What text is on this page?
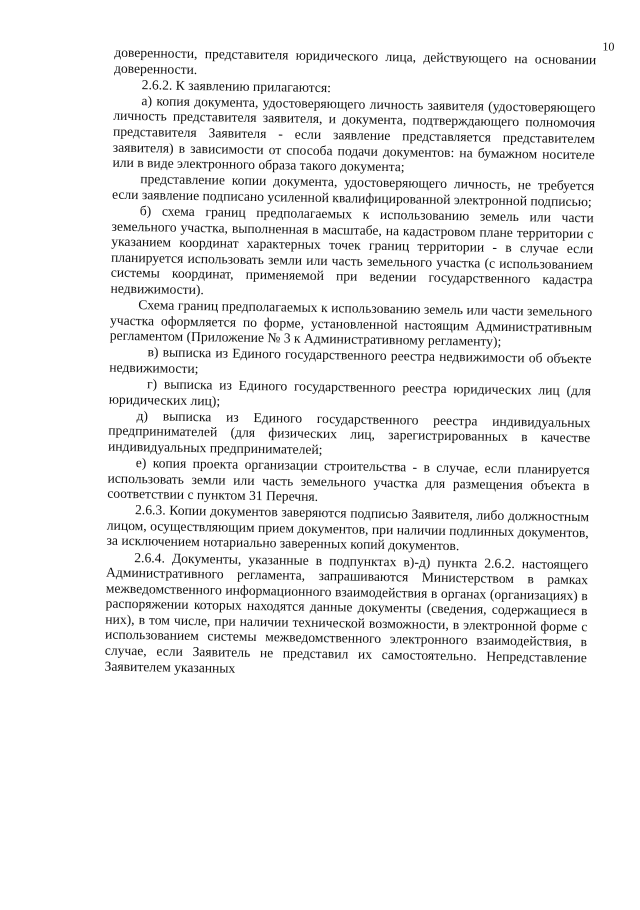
10

доверенности, представителя юридического лица, действующего на основании доверенности.

2.6.2. К заявлению прилагаются:

а) копия документа, удостоверяющего личность заявителя (удостоверяющего личность представителя заявителя, и документа, подтверждающего полномочия представителя Заявителя - если заявление представляется представителем заявителя) в зависимости от способа подачи документов: на бумажном носителе или в виде электронного образа такого документа;

представление копии документа, удостоверяющего личность, не требуется если заявление подписано усиленной квалифицированной электронной подписью;

б) схема границ предполагаемых к использованию земель или части земельного участка, выполненная в масштабе, на кадастровом плане территории с указанием координат характерных точек границ территории - в случае если планируется использовать земли или часть земельного участка (с использованием системы координат, применяемой при ведении государственного кадастра недвижимости).

Схема границ предполагаемых к использованию земель или части земельного участка оформляется по форме, установленной настоящим Административным регламентом (Приложение № 3 к Административному регламенту);

в) выписка из Единого государственного реестра недвижимости об объекте недвижимости;

г) выписка из Единого государственного реестра юридических лиц (для юридических лиц);

д) выписка из Единого государственного реестра индивидуальных предпринимателей (для физических лиц, зарегистрированных в качестве индивидуальных предпринимателей;

е) копия проекта организации строительства - в случае, если планируется использовать земли или часть земельного участка для размещения объекта в соответствии с пунктом 31 Перечня.

2.6.3. Копии документов заверяются подписью Заявителя, либо должностным лицом, осуществляющим прием документов, при наличии подлинных документов, за исключением нотариально заверенных копий документов.

2.6.4. Документы, указанные в подпунктах в)-д) пункта 2.6.2. настоящего Административного регламента, запрашиваются Министерством в рамках межведомственного информационного взаимодействия в органах (организациях) в распоряжении которых находятся данные документы (сведения, содержащиеся в них), в том числе, при наличии технической возможности, в электронной форме с использованием системы межведомственного электронного взаимодействия, в случае, если Заявитель не представил их самостоятельно. Непредставление Заявителем указанных
